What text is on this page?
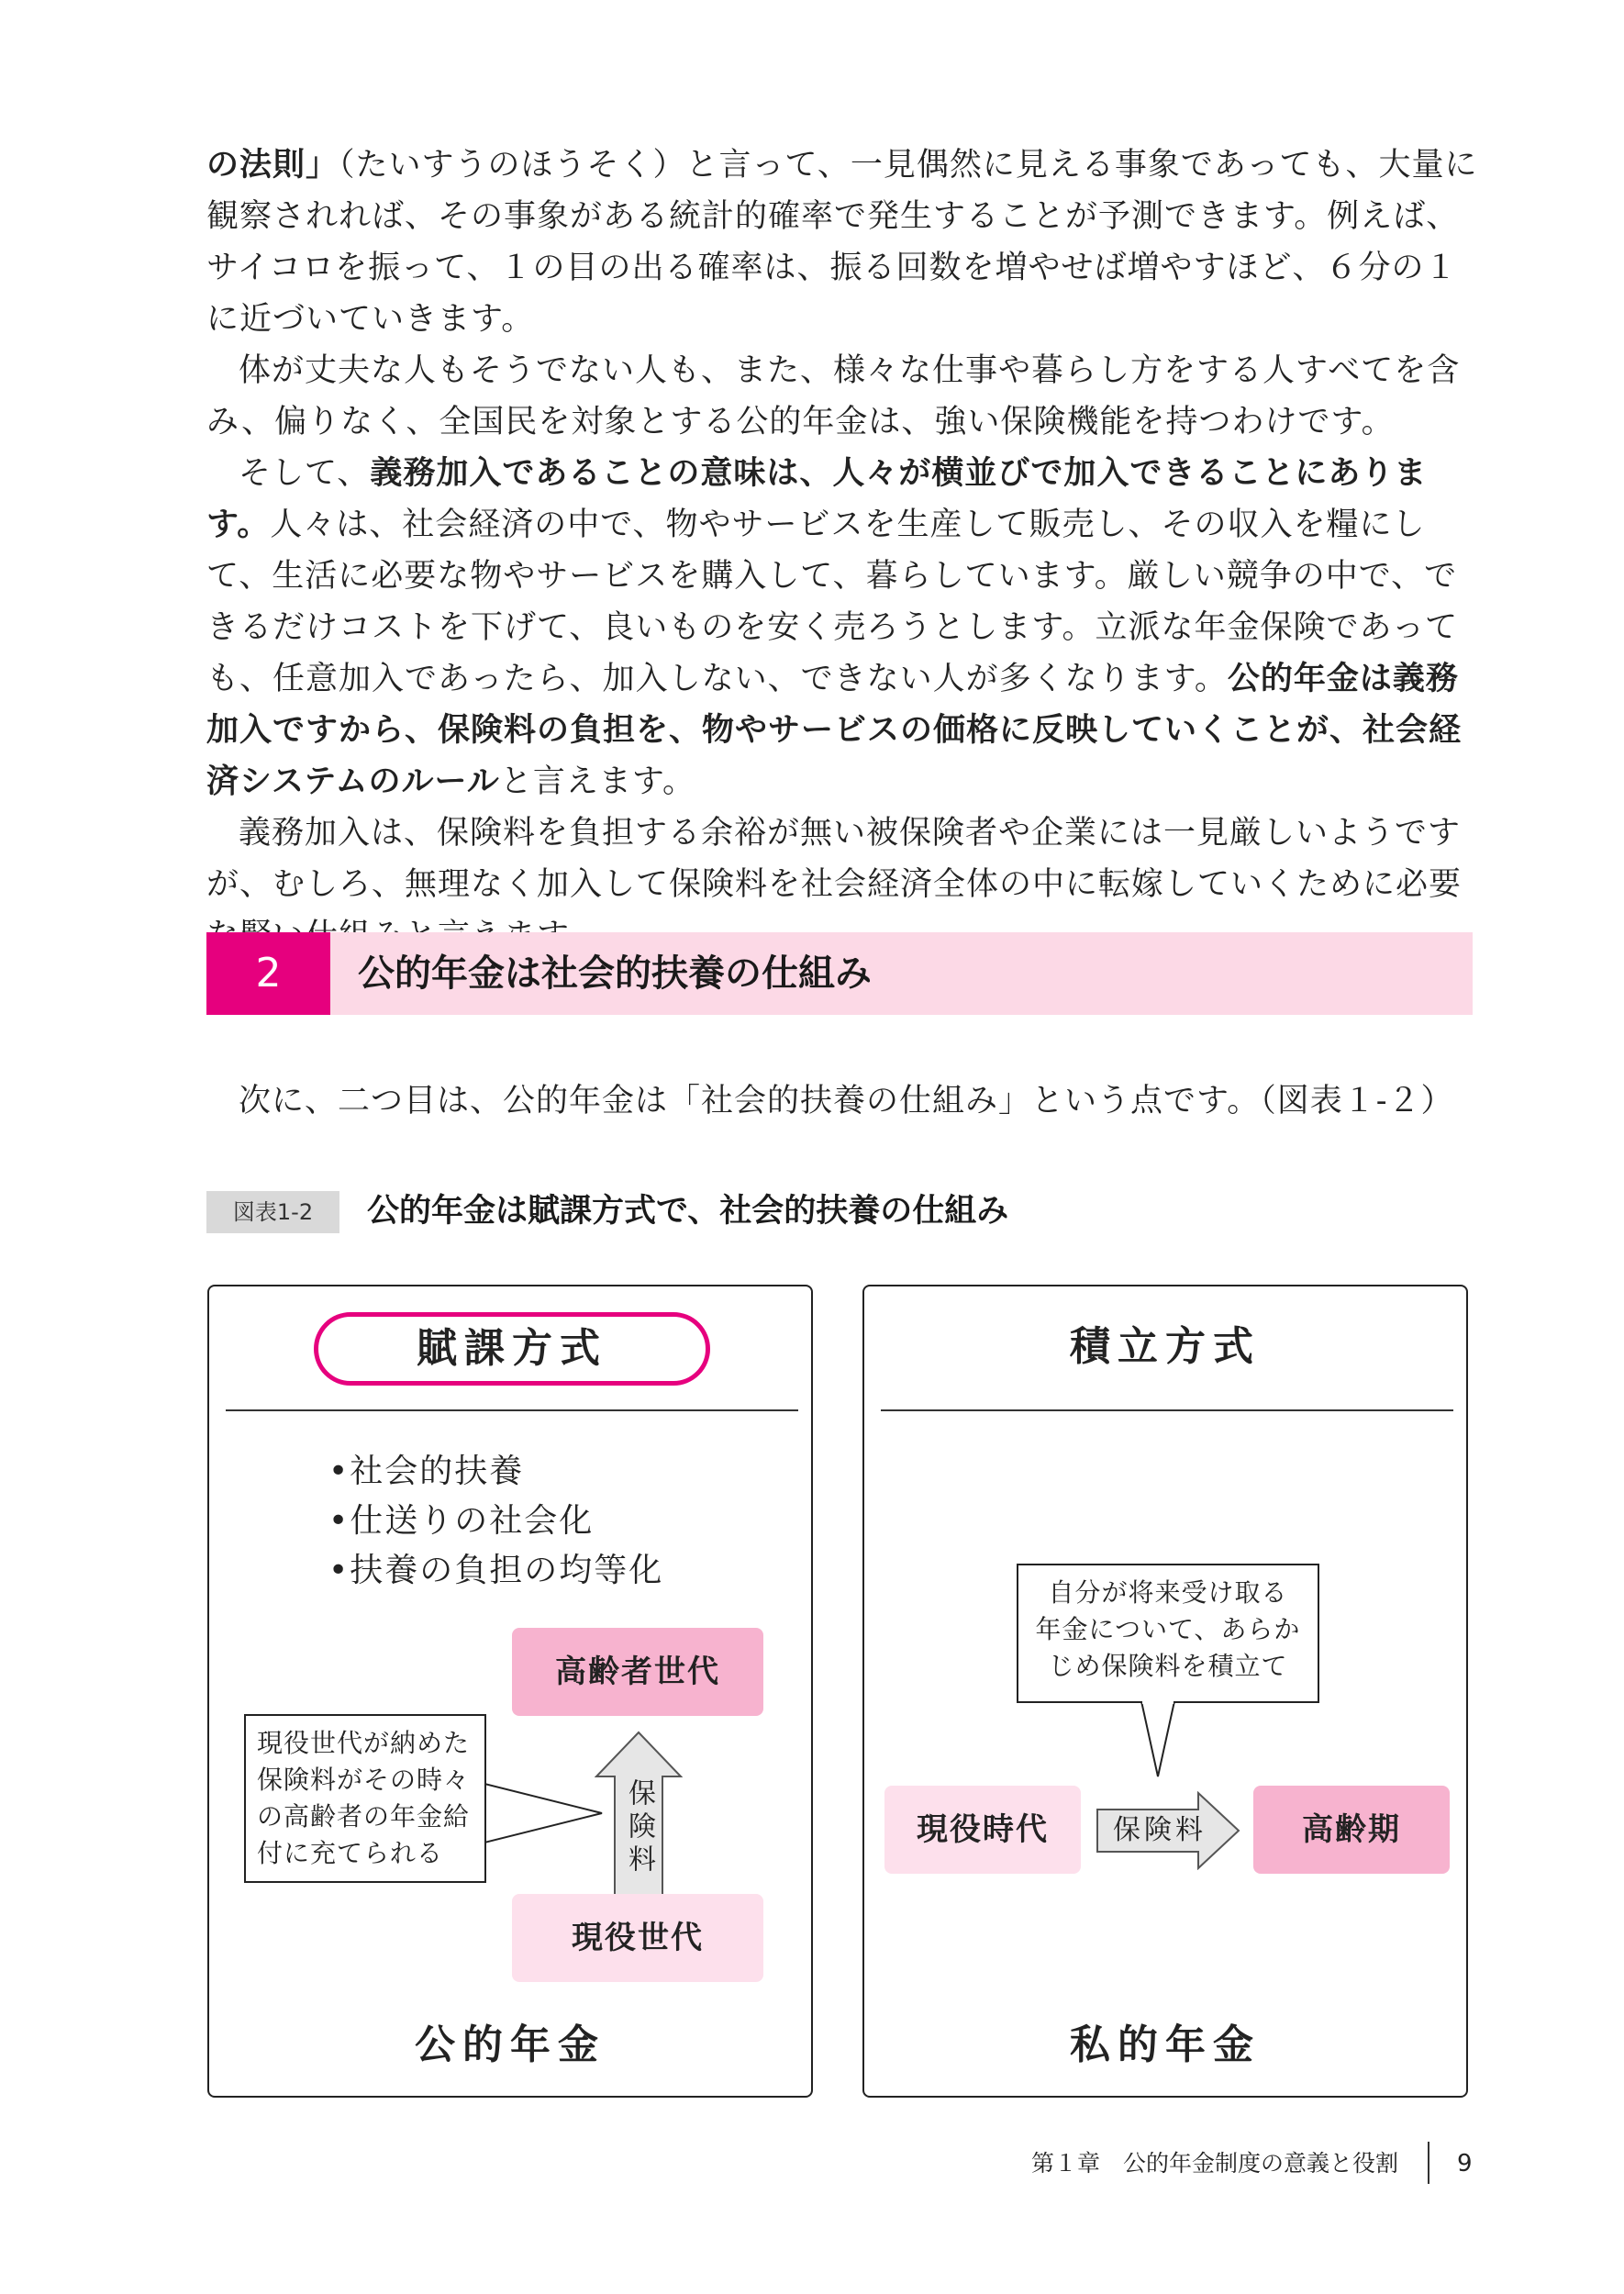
の法則」（たいすうのほうそく）と言って、一見偶然に見える事象であっても、大量に観察されれば、その事象がある統計的確率で発生することが予測できます。例えば、サイコロを振って、１の目の出る確率は、振る回数を増やせば増やすほど、６分の１に近づいていきます。

体が丈夫な人もそうでない人も、また、様々な仕事や暮らし方をする人すべてを含み、偏りなく、全国民を対象とする公的年金は、強い保険機能を持つわけです。

そして、義務加入であることの意味は、人々が横並びで加入できることにあります。人々は、社会経済の中で、物やサービスを生産して販売し、その収入を糧にして、生活に必要な物やサービスを購入して、暮らしています。厳しい競争の中で、できるだけコストを下げて、良いものを安く売ろうとします。立派な年金保険であっても、任意加入であったら、加入しない、できない人が多くなります。公的年金は義務加入ですから、保険料の負担を、物やサービスの価格に反映していくことが、社会経済システムのルールと言えます。

義務加入は、保険料を負担する余裕が無い被保険者や企業には一見厳しいようですが、むしろ、無理なく加入して保険料を社会経済全体の中に転嫁していくために必要

2	公的年金は社会的扶養の仕組み
次に、二つ目は、公的年金は「社会的扶養の仕組み」という点です。（図表１-２）
図表1-2	公的年金は賦課方式で、社会的扶養の仕組み
賦課方式
•社会的扶養
•仕送りの社会化
•扶養の負担の均等化
高齢者世代
保険料
現役世代が納めた
保険料がその時々
の高齢者の年金給
付に充てられる
現役世代
公的年金
積立方式
自分が将来受け取る
年金について、あらか
じめ保険料を積立て
現役時代	保険料	高齢期
私的年金
第１章　公的年金制度の意義と役割 9
